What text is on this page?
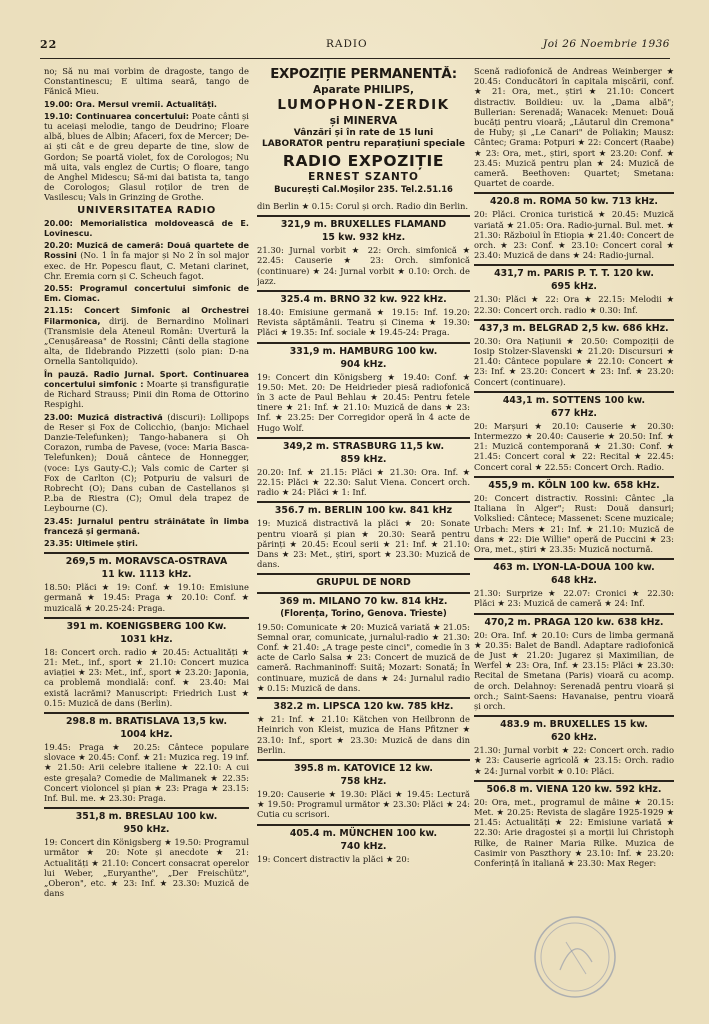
22	RADIO	Joi 26 Noembrie 1936
no; Să nu mai vorbim de dragoste, tango de Constantinescu; E ultima seară, tango de Fănică Mieu.
19.00: Ora. Mersul vremii. Actualități.
19.10: Continuarea concertului: Poate cânti și tu aceiași melodie, tango de Deudrino; Floare albă, blues de Albin; Afaceri, fox de Mercer; De-ai ști cât e de greu departe de tine, slow de Gordon; Se poartă violet, fox de Corologos; Nu mă uita, vals englez de Curtis; O floare, tango de Anghel Midescu; Să-mi dai batista ta, tango de Corologos; Glasul roților de tren de Vasilescu; Vals in Grinzing de Grothe.
UNIVERSITATEA RADIO
20.00: Memorialistica moldovească de E. Lovinescu.
20.20: Muzică de cameră: Două quartete de Rossini (No. 1 în fa major și No 2 în sol major exec. de Hr. Popescu flaut, C. Metani clarinet, Chr. Eremia corn și C. Scheuch fagot.
20.55: Programul concertului simfonic de Em. Ciomac.
21.15: Concert Simfonic al Orchestrei Filarmonica, dirij. de Bernardino Molinari (Transmisie dela Ateneul Român: Uvertură la „Cenușăreasa" de Rossini; Cânti della stagione alta, de Ildebrando Pizzetti (solo pian: D-na Ornella Santoliquido).
În pauză. Radio Jurnal. Sport. Continuarea concertului simfonic : Moarte și transfigurație de Richard Strauss; Pinii din Roma de Ottorino Respighi.
23.00: Muzică distractivă (discuri): Lollipops de Reser și Fox de Colicchio, (banjo: Michael Danzie-Telefunken); Tango-habanera și Oh Corazon, rumba de Pavese, (voce: Maria Basca-Telefunken); Două cântece de Honnegger, (voce: Lys Gauty-C.); Vals comic de Carter și Fox de Carlton (C); Potpuriu de valsuri de Robrecht (O); Dans cuban de Castellanos și P..ba de Riestra (C); Omul dela trapez de Leybourne (C).
23.45: Jurnalul pentru străinătate în limba franceză și germană.
23.35: Ultimele știri.
269,5 m. MORAVSCA-OSTRAVA
11 kw. 1113 kHz.
18.50: Plăci ★ 19: Conf. ★ 19.10: Emisiune germană ★ 19.45: Praga ★ 20.10: Conf. ★ muzicală ★ 20.25-24: Praga.
391 m. KOENIGSBERG 100 Kw.
1031 kHz.
18: Concert orch. radio ★ 20.45: Actualități ★ 21: Met., inf., sport ★ 21.10: Concert muzica aviației ★ 23: Met., inf., sport ★ 23.20: Japonia, ca problemă mondială: conf. ★ 23.40: Mai există lacrămi? Manuscript: Friedrich Lust ★ 0.15: Muzică de dans (Berlin).
298.8 m. BRATISLAVA 13,5 kw.
1004 kHz.
19.45: Praga ★ 20.25: Cântece populare slovace ★ 20.45: Conf. ★ 21: Muzica reg. 19 inf. ★ 21.50: Arii celebre italiene ★ 22.10: A cui este greșala? Comedie de Malimanek ★ 22.35: Concert violoncel și pian ★ 23: Praga ★ 23.15: Inf. Bul. me. ★ 23.30: Praga.
351,8 m. BRESLAU 100 kw.
950 kHz.
19: Concert din Königsberg ★ 19.50: Programul următor ★ 20: Note și anecdote ★ 21: Actualități ★ 21.10: Concert consacrat operelor lui Weber, „Euryanthe", „Der Freischütz", „Oberon", etc. ★ 23: Inf. ★ 23.30: Muzică de dans
EXPOZIȚIE PERMANENTĂ:
Aparate PHILIPS,
LUMOPHON-ZERDIK
și MINERVA
Vânzări și în rate de 15 luni
LABORATOR pentru reparațiuni speciale
RADIO EXPOZIȚIE
ERNEST SZANTO
București Cal.Moșilor 235. Tel.2.51.16
din Berlin ★ 0.15: Corul și orch. Radio din Berlin.
321,9 m. BRUXELLES FLAMAND
15 kw. 932 kHz.
21.30: Jurnal vorbit ★ 22: Orch. simfonică ★ 22.45: Causerie ★ 23: Orch. simfonică (continuare) ★ 24: Jurnal vorbit ★ 0.10: Orch. de jazz.
325.4 m. BRNO 32 kw. 922 kHz.
18.40: Emisiune germană ★ 19.15: Inf. 19.20: Revista săptămânii. Teatru și Cinema ★ 19.30: Plăci ★ 19.35: Inf. sociale ★ 19.45-24: Praga.
331,9 m. HAMBURG 100 kw.
904 kHz.
19: Concert din Königsberg ★ 19.40: Conf. ★ 19.50: Met. 20: De Heidrieder piesă radiofonică în 3 acte de Paul Behlau ★ 20.45: Pentru fetele tinere ★ 21: Inf. ★ 21.10: Muzică de dans ★ 23: Inf. ★ 23.25: Der Corregidor operă în 4 acte de Hugo Wolf.
349,2 m. STRASBURG 11,5 kw.
859 kHz.
20.20: Inf. ★ 21.15: Plăci ★ 21.30: Ora. Inf. ★ 22.15: Plăci ★ 22.30: Salut Viena. Concert orch. radio ★ 24: Plăci ★ 1: Inf.
356.7 m. BERLIN 100 kw. 841 kHz
19: Muzică distractivă la plăci ★ 20: Sonate pentru vioară și pian ★ 20.30: Seară pentru părinți ★ 20.45: Ecoul serii ★ 21: Inf. ★ 21.10: Dans ★ 23: Met., știri, sport ★ 23.30: Muzică de dans.
GRUPUL DE NORD
369 m. MILANO 70 kw. 814 kHz.
(Florența, Torino, Genova. Trieste)
19.50: Comunicate ★ 20: Muzică variată ★ 21.05: Semnal orar, comunicate, jurnalul-radio ★ 21.30: Conf. ★ 21.40: „A trage peste cinci", comedie în 3 acte de Carlo Salsa ★ 23: Concert de muzică de cameră. Rachmaninoff: Suită; Mozart: Sonată; În continuare, muzică de dans ★ 24: Jurnalul radio ★ 0.15: Muzică de dans.
382.2 m. LIPSCA 120 kw. 785 kHz.
★ 21: Inf. ★ 21.10: Kätchen von Heilbronn de Heinrich von Kleist, muzica de Hans Pfitzner ★ 23.10: Inf., sport ★ 23.30: Muzică de dans din Berlin.
395.8 m. KATOVICE 12 kw.
758 kHz.
19.20: Causerie ★ 19.30: Plăci ★ 19.45: Lectură ★ 19.50: Programul următor ★ 23.30: Plăci ★ 24: Cutia cu scrisori.
405.4 m. MÜNCHEN 100 kw.
740 kHz.
19: Concert distractiv la plăci ★ 20:
Scenă radiofonică de Andreas Weinberger ★ 20.45: Conducători în capitala mișcării, conf. ★ 21: Ora, met., știri ★ 21.10: Concert distractiv. Boildieu: uv. la „Dama albă"; Bullerian: Serenadă; Wanacek: Menuet: Două bucăți pentru vioară; „Lăutarul din Cremona" de Huby; și „Le Canari" de Poliakin; Mausz: Cântec; Grama: Potpuri ★ 22: Concert (Raabe) ★ 23: Ora, met., știri, sport ★ 23.20: Conf. ★ 23.45: Muzică pentru plan ★ 24: Muzică de cameră. Beethoven: Quartet; Smetana: Quartet de coarde.
420.8 m. ROMA 50 kw. 713 kHz.
20: Plăci. Cronica turistică ★ 20.45: Muzică variată ★ 21.05: Ora. Radio-jurnal. Bul. met. ★ 21.30: Războiul în Etiopia ★ 21.40: Concert de orch. ★ 23: Conf. ★ 23.10: Concert coral ★ 23.40: Muzică de dans ★ 24: Radio-jurnal.
431,7 m. PARIS P. T. T. 120 kw.
695 kHz.
21.30: Plăci ★ 22: Ora ★ 22.15: Melodii ★ 22.30: Concert orch. radio ★ 0.30: Inf.
437,3 m. BELGRAD 2,5 kw. 686 kHz.
20.30: Ora Națiunii ★ 20.50: Compoziții de Iosip Stolzer-Slavenski ★ 21.20: Discursuri ★ 21.40: Cântece populare ★ 22.10: Concert ★ 23: Inf. ★ 23.20: Concert ★ 23: Inf. ★ 23.20: Concert (continuare).
443,1 m. SOTTENS 100 kw.
677 kHz.
20: Marșuri ★ 20.10: Causerie ★ 20.30: Intermezzo ★ 20.40: Causerie ★ 20.50: Inf. ★ 21: Muzică contemporană ★ 21.30: Conf. ★ 21.45: Concert coral ★ 22: Recital ★ 22.45: Concert coral ★ 22.55: Concert Orch. Radio.
455,9 m. KÖLN 100 kw. 658 kHz.
20: Concert distractiv. Rossini: Cântec „la Italiana în Alger"; Rust: Două dansuri; Volkslied: Cântece; Massenet: Scene muzicale; Urbach: Mers ★ 21: Inf. ★ 21.10: Muzică de dans ★ 22: Die Willie" operă de Puccini ★ 23: Ora, met., știri ★ 23.35: Muzică nocturnă.
463 m. LYON-LA-DOUA 100 kw.
648 kHz.
21.30: Surprize ★ 22.07: Cronici ★ 22.30: Plăci ★ 23: Muzică de cameră ★ 24: Inf.
470,2 m. PRAGA 120 kw. 638 kHz.
20: Ora. Inf. ★ 20.10: Curs de limba germană ★ 20.35: Balet de Bandl. Adaptare radiofonică de Just ★ 21.20: Jugarez și Maximilian, de Werfel ★ 23: Ora, Inf. ★ 23.15: Plăci ★ 23.30: Recital de Smetana (Paris) vioară cu acomp. de orch. Delahnoy: Serenadă pentru vioară și orch.; Saint-Saens: Havanaise, pentru vioară și orch.
483.9 m. BRUXELLES 15 kw.
620 kHz.
21.30: Jurnal vorbit ★ 22: Concert orch. radio ★ 23: Causerie agricolă ★ 23.15: Orch. radio ★ 24: Jurnal vorbit ★ 0.10: Plăci.
506.8 m. VIENA 120 kw. 592 kHz.
20: Ora, met., programul de mâine ★ 20.15: Met. ★ 20.25: Revista de slagăre 1925-1929 ★ 21.45: Actualități ★ 22: Emisiune variată ★ 22.30: Arie dragostei și a morții lui Christoph Rilke, de Rainer Maria Rilke. Muzica de Casimir von Paszthory ★ 23.10: Inf. ★ 23.20: Conferință în italiană ★ 23.30: Max Reger:
